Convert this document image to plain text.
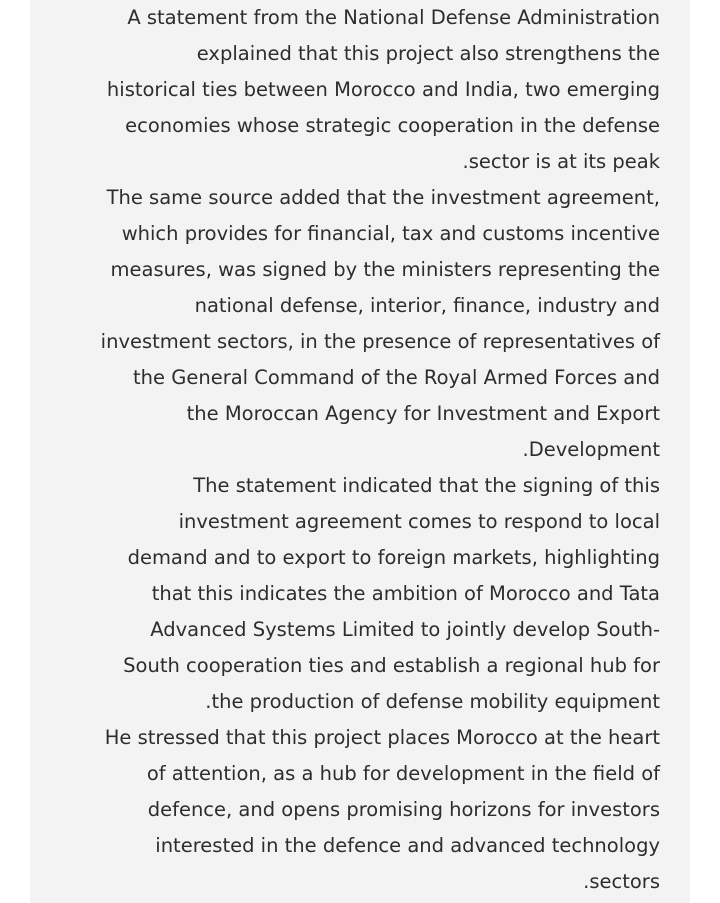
A statement from the National Defense Administration
explained that this project also strengthens the
historical ties between Morocco and India, two emerging
economies whose strategic cooperation in the defense
.sector is at its peak

The same source added that the investment agreement,
which provides for financial, tax and customs incentive
measures, was signed by the ministers representing the
national defense, interior, finance, industry and
investment sectors, in the presence of representatives of
the General Command of the Royal Armed Forces and
the Moroccan Agency for Investment and Export
.Development

The statement indicated that the signing of this
investment agreement comes to respond to local
demand and to export to foreign markets, highlighting
that this indicates the ambition of Morocco and Tata
Advanced Systems Limited to jointly develop South-
South cooperation ties and establish a regional hub for
.the production of defense mobility equipment

He stressed that this project places Morocco at the heart
of attention, as a hub for development in the field of
defence, and opens promising horizons for investors
interested in the defence and advanced technology
.sectors
